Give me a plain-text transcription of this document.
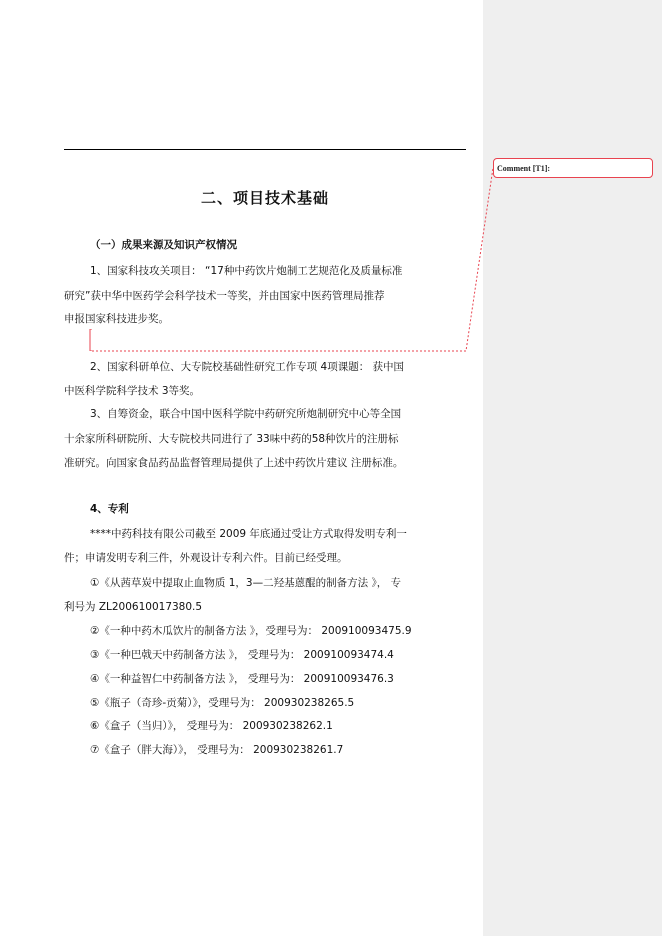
二、项目技术基础
（一）成果来源及知识产权情况
1、国家科技攻关项目： “17种中药饮片炮制工艺规范化及质量标准
研究”获中华中医药学会科学技术一等奖，并由国家中医药管理局推荐
申报国家科技进步奖。
2、国家科研单位、大专院校基础性研究工作专项 4项课题： 获中国
中医科学院科学技术 3等奖。
3、自筹资金，联合中国中医科学院中药研究所炮制研究中心等全国
十余家所科研院所、大专院校共同进行了 33味中药的58种饮片的注册标
准研究。向国家食品药品监督管理局提供了上述中药饮片建议 注册标准。
4、专利
****中药科技有限公司截至 2009 年底通过受让方式取得发明专利一
件；申请发明专利三件，外观设计专利六件。目前已经受理。
①《从茜草炭中提取止血物质 1，3—二羟基蒽醌的制备方法 》， 专
利号为 ZL200610017380.5
②《一种中药木瓜饮片的制备方法 》，受理号为： 200910093475.9
③《一种巴戟天中药制备方法 》， 受理号为： 200910093474.4
④《一种益智仁中药制备方法 》， 受理号为： 200910093476.3
⑤《瓶子（奇珍-贡菊）》，受理号为： 200930238265.5
⑥《盒子（当归）》， 受理号为： 200930238262.1
⑦《盒子（胖大海）》， 受理号为： 200930238261.7
Comment [T1]:
